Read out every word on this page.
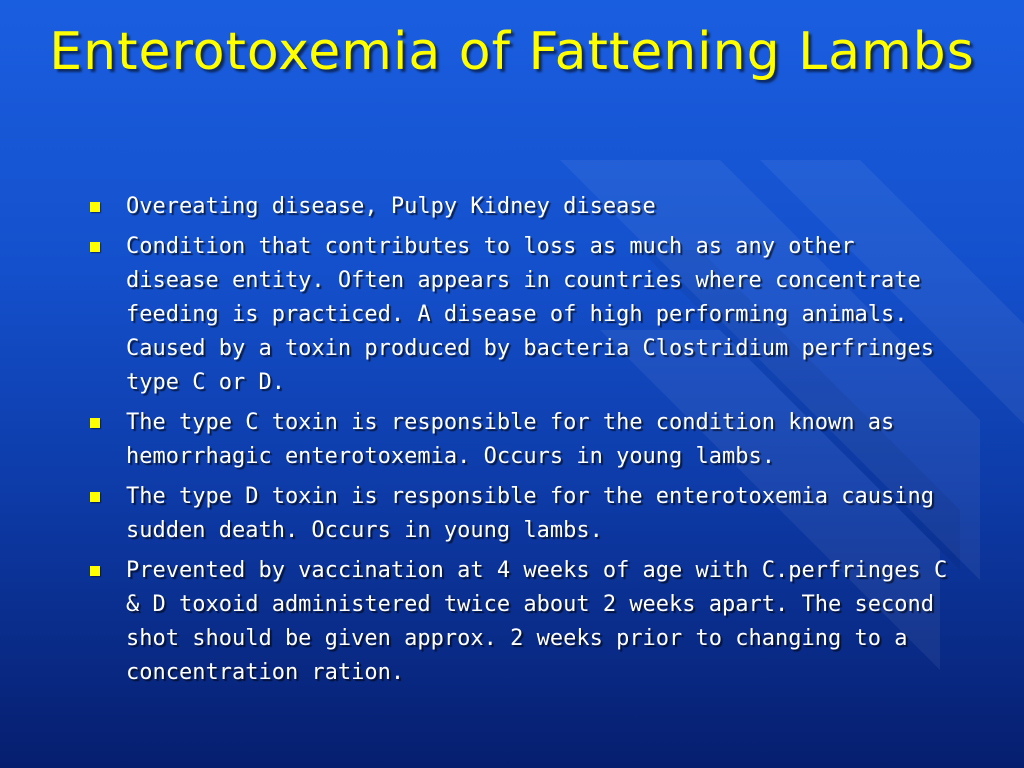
Enterotoxemia of Fattening Lambs
Overeating disease, Pulpy Kidney disease
Condition that contributes to loss as much as any other disease entity. Often appears in countries where concentrate feeding is practiced. A disease of high performing animals. Caused by a toxin produced by bacteria Clostridium perfringes type C or D.
The type C toxin is responsible for the condition known as hemorrhagic enterotoxemia. Occurs in young lambs.
The type D toxin is responsible for the enterotoxemia causing sudden death. Occurs in young lambs.
Prevented by vaccination at 4 weeks of age with C.perfringes C & D toxoid administered twice about 2 weeks apart. The second shot should be given approx. 2 weeks prior to changing to a concentration ration.
